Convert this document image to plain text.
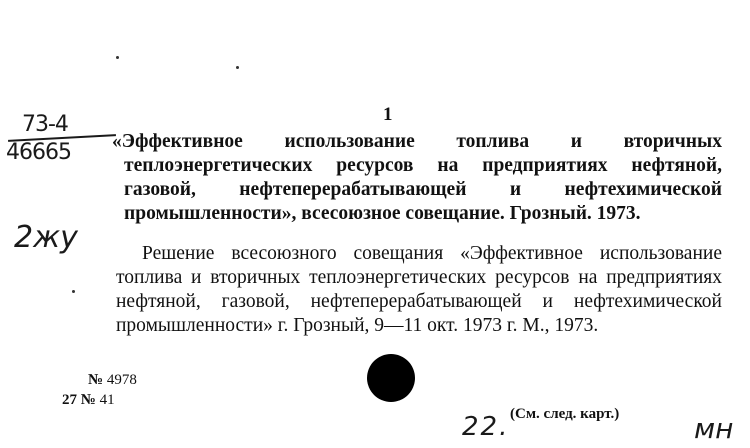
73-4
46665
2жу
1
«Эффективное использование топлива и вторичных теплоэнергетических ресурсов на предприятиях нефтяной, газовой, нефтеперерабатывающей и нефтехимической промышленности», всесоюзное совещание. Грозный. 1973.
Решение всесоюзного совещания «Эффективное использование топлива и вторичных теплоэнергетических ресурсов на предприятиях нефтяной, газовой, нефтеперерабатывающей и нефтехимической промышленности» г. Грозный, 9—11 окт. 1973 г. М., 1973.
№ 4978
27 № 41
(См. след. карт.)
22.	мн
